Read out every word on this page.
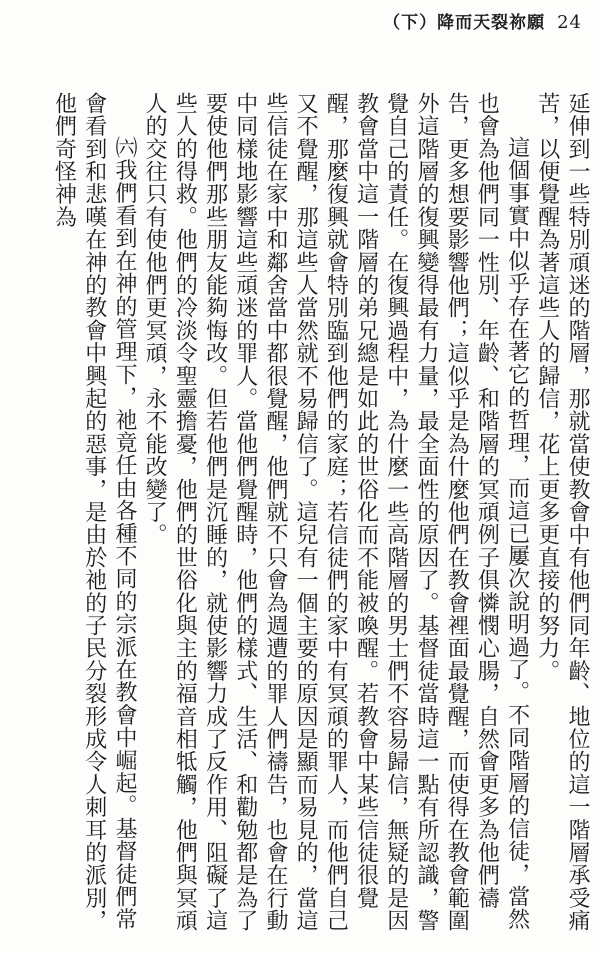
（下）降而天裂祢願 24

延伸到一些特別頑迷的階層，那就當使教會中有他們同年齡、地位的這一階層承受痛苦，以便覺醒為著這些人的歸信，花上更多更直接的努力。

這個事實中似乎存在著它的哲理，而這已屢次說明過了。不同階層的信徒，當然也會為他們同一性別、年齡、和階層的冥頑例子俱憐憫心腸，自然會更多為他們禱告，更多想要影響他們；這似乎是為什麼他們在教會裡面最覺醒，而使得在教會範圍外這階層的復興變得最有力量，最全面性的原因了。基督徒當時這一點有所認識，警覺自己的責任。在復興過程中，為什麼一些高階層的男士們不容易歸信，無疑的是因教會當中這一階層的弟兄總是如此的世俗化而不能被喚醒。若教會中某些信徒很覺醒，那麼復興就會特別臨到他們的家庭；若信徒們的家中有冥頑的罪人，而他們自己又不覺醒，那這些人當然就不易歸信了。這兒有一個主要的原因是顯而易見的，當這些信徒在家中和鄰舍當中都很覺醒，他們就不只會為週遭的罪人們禱告，也會在行動中同樣地影響這些頑迷的罪人。當他們覺醒時，他們的樣式、生活、和勸勉都是為了要使他們那些朋友能夠悔改。但若他們是沉睡的，就使影響力成了反作用、阻礙了這些人的得救。他們的冷淡令聖靈擔憂，他們的世俗化與主的福音相牴觸，他們與冥頑人的交往只有使他們更冥頑，永不能改變了。

㈥我們看到在神的管理下，祂竟任由各種不同的宗派在教會中崛起。基督徒們常會看到和悲嘆在神的教會中興起的惡事，是由於祂的子民分裂形成令人刺耳的派別，他們奇怪神為
